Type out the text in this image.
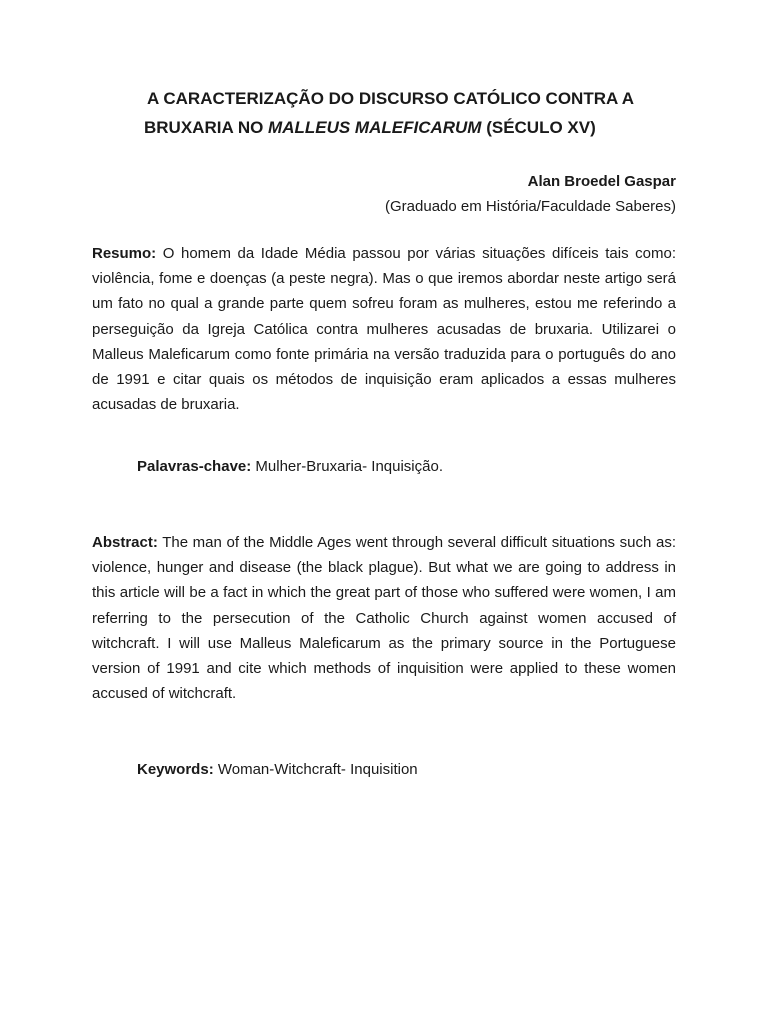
A CARACTERIZAÇÃO DO DISCURSO CATÓLICO CONTRA A
BRUXARIA NO MALLEUS MALEFICARUM (SÉCULO XV)
Alan Broedel Gaspar
(Graduado em História/Faculdade Saberes)

Resumo: O homem da Idade Média passou por várias situações difíceis tais como: violência, fome e doenças (a peste negra). Mas o que iremos abordar neste artigo será um fato no qual a grande parte quem sofreu foram as mulheres, estou me referindo a perseguição da Igreja Católica contra mulheres acusadas de bruxaria. Utilizarei o Malleus Maleficarum como fonte primária na versão traduzida para o português do ano de 1991 e citar quais os métodos de inquisição eram aplicados a essas mulheres acusadas de bruxaria.

Palavras-chave: Mulher-Bruxaria- Inquisição.

Abstract: The man of the Middle Ages went through several difficult situations such as: violence, hunger and disease (the black plague). But what we are going to address in this article will be a fact in which the great part of those who suffered were women, I am referring to the persecution of the Catholic Church against women accused of witchcraft. I will use Malleus Maleficarum as the primary source in the Portuguese version of 1991 and cite which methods of inquisition were applied to these women accused of witchcraft.

Keywords: Woman-Witchcraft- Inquisition
